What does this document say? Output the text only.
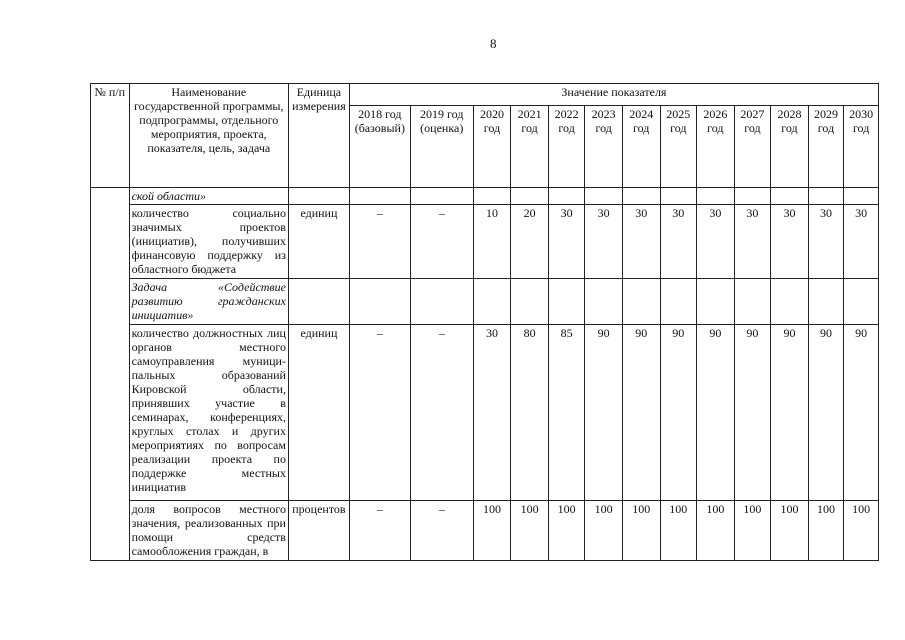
8
№ п/п	Наименование государственной программы, подпрограммы, отдельного мероприятия, проекта, показателя, цель, задача	Единица измерения	Значение показателя												
			2018 год (базовый)	2019 год (оценка)	2020 год	2021 год	2022 год	2023 год	2024 год	2025 год	2026 год	2027 год	2028 год	2029 год	2030 год
	ской области»														
	количество социально значимых проектов (инициатив), получивших финансовую поддержку из областного бюджета	единиц	–	–	10	20	30	30	30	30	30	30	30	30	30
	Задача «Содействие развитию гражданских инициатив»														
	количество должностных лиц органов местного самоуправления муници-пальных образований Кировской области, принявших участие в семинарах, конференциях, круглых столах и других мероприятиях по вопросам реализации проекта по поддержке местных инициатив	единиц	–	–	30	80	85	90	90	90	90	90	90	90	90
	доля вопросов местного значения, реализованных при помощи средств самообложения граждан, в	процентов	–	–	100	100	100	100	100	100	100	100	100	100	100
